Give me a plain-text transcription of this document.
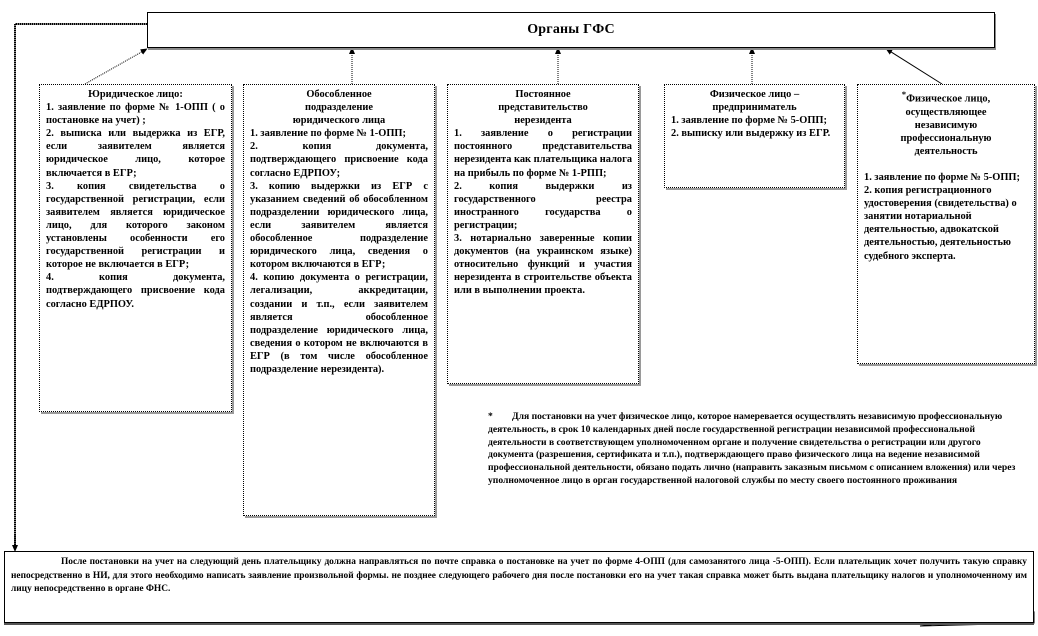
Органы ГФС
Юридическое лицо:
1. заявление по форме № 1-ОПП ( о постановке на учет) ;
2. выписка или выдержка из ЕГР, если заявителем является юридическое лицо, которое включается в ЕГР;
3. копия свидетельства о государственной регистрации, если заявителем является юридическое лицо, для которого законом установлены особенности его государственной регистрации и которое не включается в ЕГР;
4. копия документа, подтверждающего присвоение кода согласно ЕДРПОУ.
Обособленное
подразделение
юридического лица
1. заявление по форме № 1-ОПП;
2. копия документа, подтверждающего присвоение кода согласно ЕДРПОУ;
3. копию выдержки из ЕГР с указанием сведений об обособленном подразделении юридического лица, если заявителем является обособленное подразделение юридического лица, сведения о котором включаются в ЕГР;
4. копию документа о регистрации, легализации, аккредитации, создании и т.п., если заявителем является обособленное подразделение юридического лица, сведения о котором не включаются в ЕГР (в том числе обособленное подразделение нерезидента).
Постоянное
представительство
нерезидента
1. заявление о регистрации постоянного представительства нерезидента как плательщика налога на прибыль по форме № 1-РПП;
2. копия выдержки из государственного реестра иностранного государства о регистрации;
3. нотариально заверенные копии документов (на украинском языке) относительно функций и участия нерезидента в строительстве объекта или в выполнении проекта.
Физическое лицо –
предприниматель
1. заявление по форме № 5-ОПП;
2. выписку или выдержку из ЕГР.
*Физическое лицо,
осуществляющее
независимую
профессиональную
деятельность
1. заявление по форме № 5-ОПП;
2. копия регистрационного удостоверения (свидетельства) о занятии нотариальной деятельностью, адвокатской деятельностью, деятельностью судебного эксперта.
* Для постановки на учет физическое лицо, которое намеревается осуществлять независимую профессиональную деятельность, в срок 10 календарных дней после государственной регистрации независимой профессиональной деятельности в соответствующем уполномоченном органе и получение свидетельства о регистрации или другого документа (разрешения, сертификата и т.п.), подтверждающего право физического лица на ведение независимой профессиональной деятельности, обязано подать лично (направить заказным письмом с описанием вложения) или через уполномоченное лицо в орган государственной налоговой службы по месту своего постоянного проживания
После постановки на учет на следующий день плательщику должна направляться по почте справка о постановке на учет по форме 4-ОПП (для самозанятого лица -5-ОПП). Если плательщик хочет получить такую справку непосредственно в НИ, для этого необходимо написать заявление произвольной формы. не позднее следующего рабочего дня после постановки его на учет такая справка может быть выдана плательщику налогов и уполномоченному им лицу непосредственно в органе ФНС.
